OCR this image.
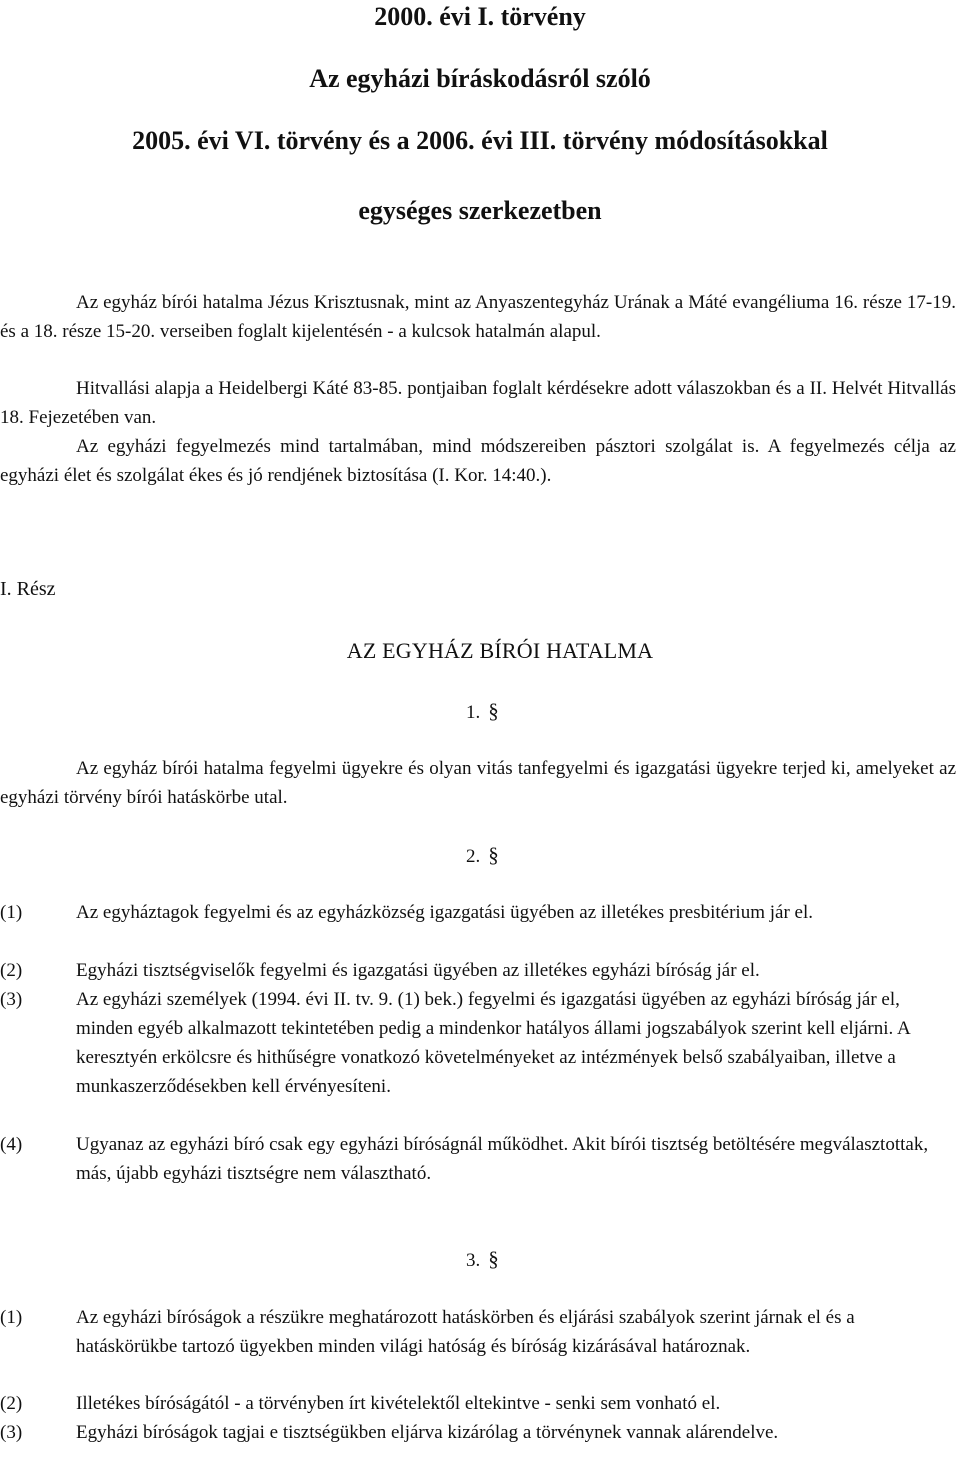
2000. évi I. törvény
Az egyházi bíráskodásról szóló
2005. évi VI. törvény és a 2006. évi III. törvény módosításokkal
egységes szerkezetben
Az egyház bírói hatalma Jézus Krisztusnak, mint az Anyaszentegyház Urának a Máté evangéliuma 16. része 17-19. és a 18. része 15-20. verseiben foglalt kijelentésén - a kulcsok hatalmán alapul.
Hitvallási alapja a Heidelbergi Káté 83-85. pontjaiban foglalt kérdésekre adott válaszokban és a II. Helvét Hitvallás 18. Fejezetében van.
Az egyházi fegyelmezés mind tartalmában, mind módszereiben pásztori szolgálat is. A fegyelmezés célja az egyházi élet és szolgálat ékes és jó rendjének biztosítása (I. Kor. 14:40.).
I. Rész
AZ EGYHÁZ BÍRÓI HATALMA
1. §
Az egyház bírói hatalma fegyelmi ügyekre és olyan vitás tanfegyelmi és igazgatási ügyekre terjed ki, amelyeket az egyházi törvény bírói hatáskörbe utal.
2. §
(1)	Az egyháztagok fegyelmi és az egyházközség igazgatási ügyében az illetékes presbitérium jár el.
(2)	Egyházi tisztségviselők fegyelmi és igazgatási ügyében az illetékes egyházi bíróság jár el.
(3)	Az egyházi személyek (1994. évi II. tv. 9. (1) bek.) fegyelmi és igazgatási ügyében az egyházi bíróság jár el, minden egyéb alkalmazott tekintetében pedig a mindenkor hatályos állami jogszabályok szerint kell eljárni. A keresztyén erkölcsre és hithűségre vonatkozó követelményeket az intézmények belső szabályaiban, illetve a munkaszerződésekben kell érvényesíteni.
(4)	Ugyanaz az egyházi bíró csak egy egyházi bíróságnál működhet. Akit bírói tisztség betöltésére megválasztottak, más, újabb egyházi tisztségre nem választható.
3. §
(1)	Az egyházi bíróságok a részükre meghatározott hatáskörben és eljárási szabályok szerint járnak el és a hatáskörükbe tartozó ügyekben minden világi hatóság és bíróság kizárásával határoznak.
(2)	Illetékes bíróságától - a törvényben írt kivételektől eltekintve - senki sem vonható el.
(3)	Egyházi bíróságok tagjai e tisztségükben eljárva kizárólag a törvénynek vannak alárendelve.
